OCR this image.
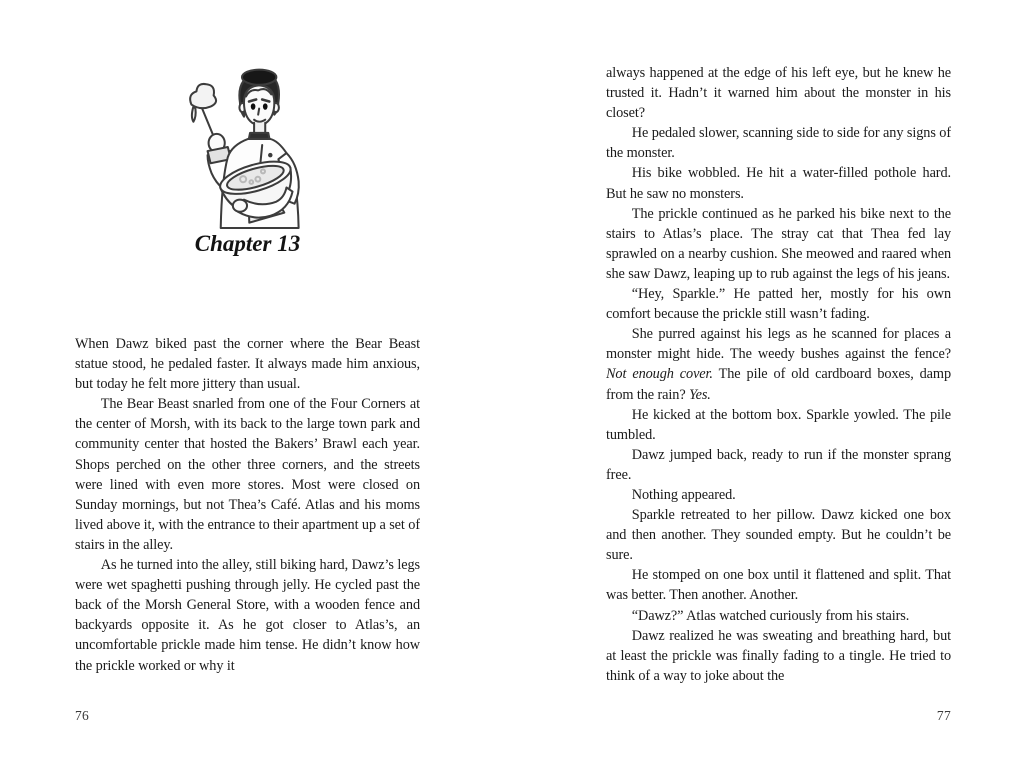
Chapter 13

When Dawz biked past the corner where the Bear Beast statue stood, he pedaled faster. It always made him anxious, but today he felt more jittery than usual.

The Bear Beast snarled from one of the Four Corners at the center of Morsh, with its back to the large town park and community center that hosted the Bakers’ Brawl each year. Shops perched on the other three corners, and the streets were lined with even more stores. Most were closed on Sunday mornings, but not Thea’s Café. Atlas and his moms lived above it, with the entrance to their apartment up a set of stairs in the alley.

As he turned into the alley, still biking hard, Dawz’s legs were wet spaghetti pushing through jelly. He cycled past the back of the Morsh General Store, with a wooden fence and backyards opposite it. As he got closer to Atlas’s, an uncomfortable prickle made him tense. He didn’t know how the prickle worked or why it

76

always happened at the edge of his left eye, but he knew he trusted it. Hadn’t it warned him about the monster in his closet?

He pedaled slower, scanning side to side for any signs of the monster.

His bike wobbled. He hit a water-filled pothole hard. But he saw no monsters.

The prickle continued as he parked his bike next to the stairs to Atlas’s place. The stray cat that Thea fed lay sprawled on a nearby cushion. She meowed and raared when she saw Dawz, leaping up to rub against the legs of his jeans.

“Hey, Sparkle.” He patted her, mostly for his own comfort because the prickle still wasn’t fading.

She purred against his legs as he scanned for places a monster might hide. The weedy bushes against the fence? Not enough cover. The pile of old cardboard boxes, damp from the rain? Yes.

He kicked at the bottom box. Sparkle yowled. The pile tumbled.

Dawz jumped back, ready to run if the monster sprang free.

Nothing appeared.

Sparkle retreated to her pillow. Dawz kicked one box and then another. They sounded empty. But he couldn’t be sure.

He stomped on one box until it flattened and split. That was better. Then another. Another.

“Dawz?” Atlas watched curiously from his stairs.

Dawz realized he was sweating and breathing hard, but at least the prickle was finally fading to a tingle. He tried to think of a way to joke about the

77
